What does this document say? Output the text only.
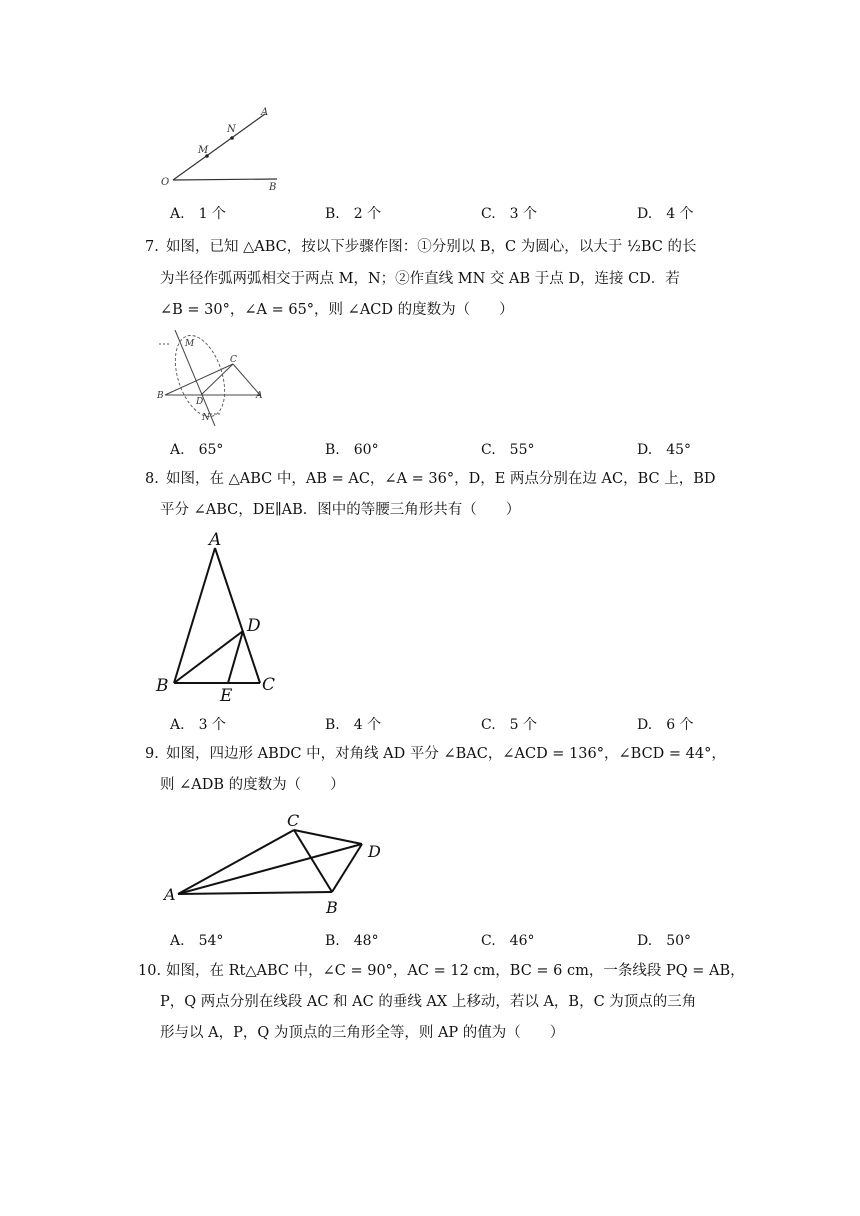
A
N
M
O	B
A. 1 个	B. 2 个	C. 3 个	D. 4 个
7. 如图，已知 △ABC，按以下步骤作图：①分别以 B，C 为圆心，以大于 ½BC 的长
为半径作弧两弧相交于两点 M，N；②作直线 MN 交 AB 于点 D，连接 CD．若
∠B = 30°，∠A = 65°，则 ∠ACD 的度数为（　　）
M
C
B
D
A
N
A. 65°	B. 60°	C. 55°	D. 45°
8. 如图，在 △ABC 中，AB = AC，∠A = 36°，D，E 两点分别在边 AC，BC 上，BD
平分 ∠ABC，DE∥AB．图中的等腰三角形共有（　　）
A
D
B	E
C
A. 3 个	B. 4 个	C. 5 个	D. 6 个
9. 如图，四边形 ABDC 中，对角线 AD 平分 ∠BAC，∠ACD = 136°，∠BCD = 44°，
则 ∠ADB 的度数为（　　）
C
D
A
B
A. 54°	B. 48°	C. 46°	D. 50°
10. 如图，在 Rt△ABC 中，∠C = 90°，AC = 12 cm，BC = 6 cm，一条线段 PQ = AB，
P，Q 两点分别在线段 AC 和 AC 的垂线 AX 上移动，若以 A，B，C 为顶点的三角
形与以 A，P，Q 为顶点的三角形全等，则 AP 的值为（　　）
